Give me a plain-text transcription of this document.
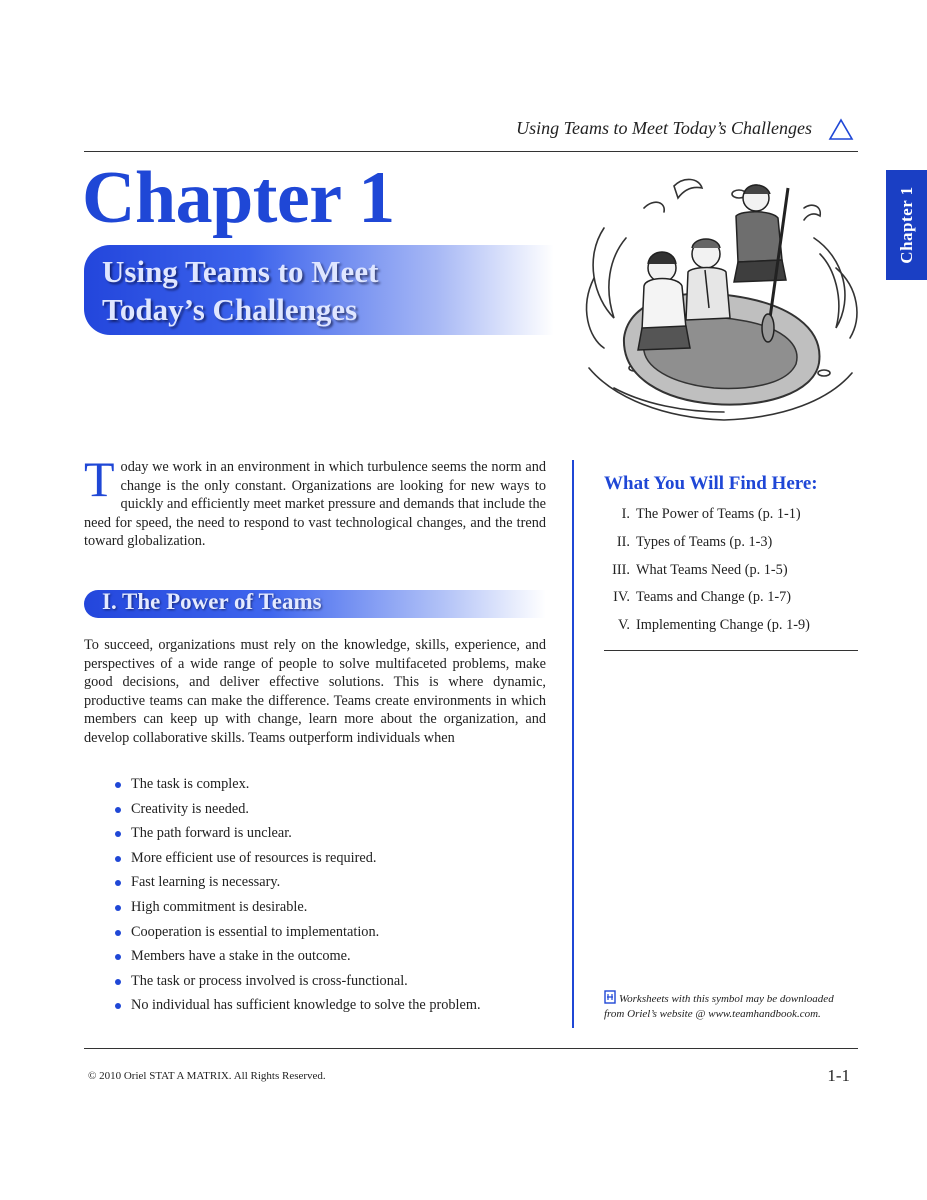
Using Teams to Meet Today’s Challenges
Chapter 1
Chapter 1
Using Teams to Meet
Today’s Challenges
Today we work in an environment in which turbulence seems the norm and change is the only constant. Organizations are looking for new ways to quickly and efficiently meet market pressure and demands that include the need for speed, the need to respond to vast technological changes, and the trend toward globalization.
I. The Power of Teams
To succeed, organizations must rely on the knowledge, skills, experience, and perspectives of a wide range of people to solve multifaceted problems, make good decisions, and deliver effective solutions. This is where dynamic, productive teams can make the difference. Teams create environments in which members can keep up with change, learn more about the organization, and develop collaborative skills. Teams outperform individuals when
The task is complex.
Creativity is needed.
The path forward is unclear.
More efficient use of resources is required.
Fast learning is necessary.
High commitment is desirable.
Cooperation is essential to implementation.
Members have a stake in the outcome.
The task or process involved is cross-functional.
No individual has sufficient knowledge to solve the problem.
What You Will Find Here:
I. The Power of Teams (p. 1-1)
II. Types of Teams (p. 1-3)
III. What Teams Need (p. 1-5)
IV. Teams and Change (p. 1-7)
V. Implementing Change (p. 1-9)
Worksheets with this symbol may be downloaded
from Oriel’s website @ www.teamhandbook.com.
© 2010 Oriel STAT A MATRIX. All Rights Reserved.	1-1
